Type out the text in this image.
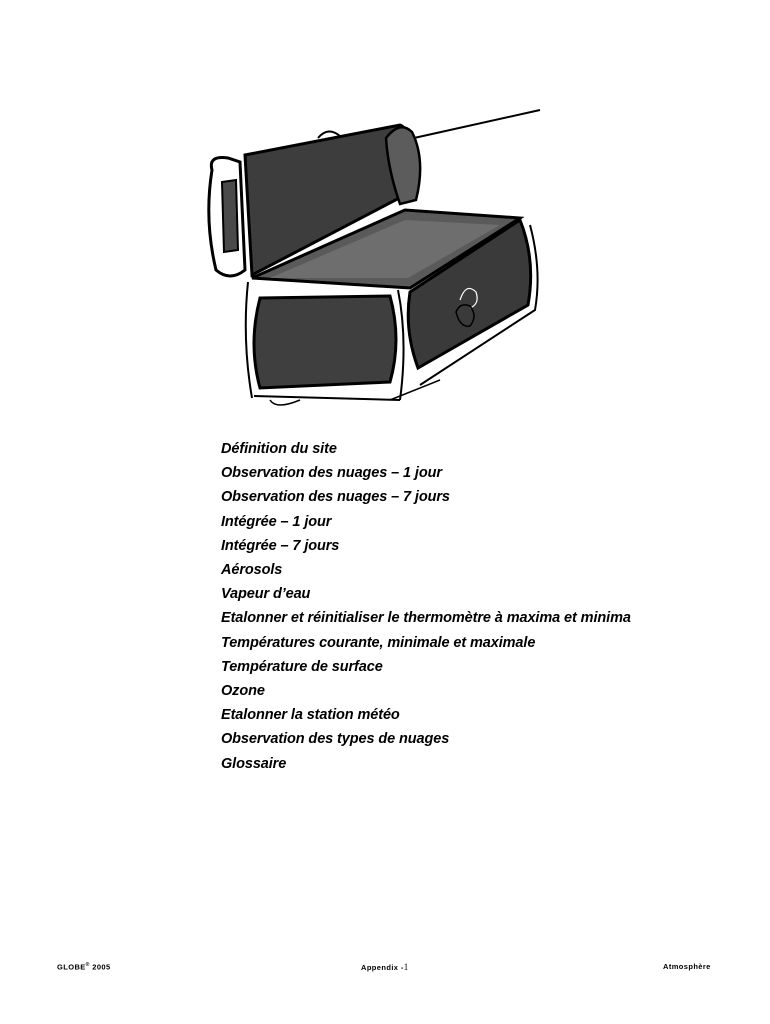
Définition du site
Observation des nuages – 1 jour
Observation des nuages – 7 jours
Intégrée – 1 jour
Intégrée – 7 jours
Aérosols
Vapeur d’eau
Etalonner et réinitialiser le thermomètre à maxima et minima
Températures courante, minimale et maximale
Température de surface
Ozone
Etalonner la station météo
Observation des types de nuages
Glossaire
GLOBE® 2005	Appendix -1	Atmosphère
